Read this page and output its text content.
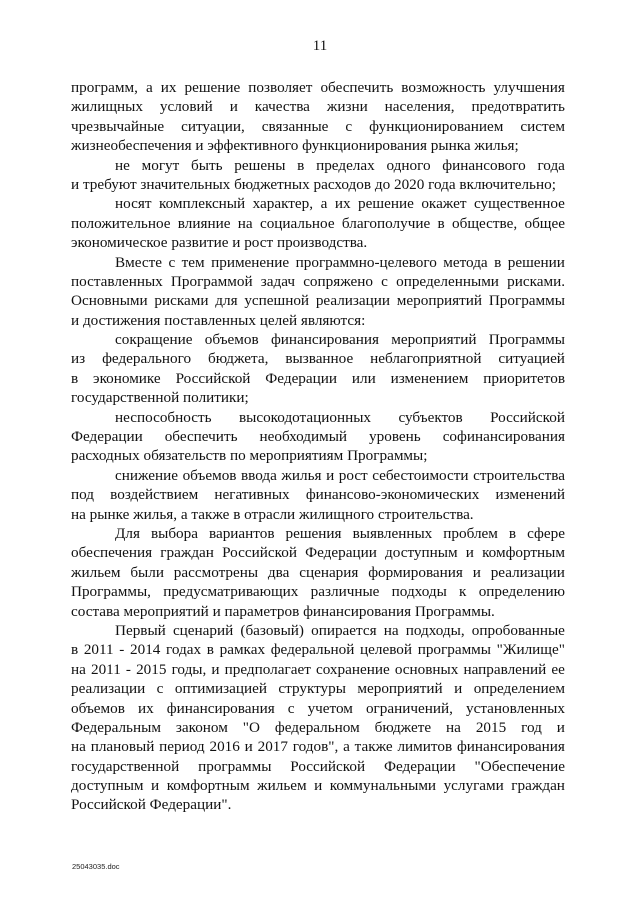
11
программ, а их решение позволяет обеспечить возможность улучшения
жилищных условий и качества жизни населения, предотвратить
чрезвычайные ситуации, связанные с функционированием систем
жизнеобеспечения и эффективного функционирования рынка жилья;
не могут быть решены в пределах одного финансового года
и требуют значительных бюджетных расходов до 2020 года включительно;
носят комплексный характер, а их решение окажет существенное
положительное влияние на социальное благополучие в обществе, общее
экономическое развитие и рост производства.
Вместе с тем применение программно-целевого метода в решении
поставленных Программой задач сопряжено с определенными рисками.
Основными рисками для успешной реализации мероприятий Программы
и достижения поставленных целей являются:
сокращение объемов финансирования мероприятий Программы
из федерального бюджета, вызванное неблагоприятной ситуацией
в экономике Российской Федерации или изменением приоритетов
государственной политики;
неспособность высокодотационных субъектов Российской
Федерации обеспечить необходимый уровень софинансирования
расходных обязательств по мероприятиям Программы;
снижение объемов ввода жилья и рост себестоимости строительства
под воздействием негативных финансово-экономических изменений
на рынке жилья, а также в отрасли жилищного строительства.
Для выбора вариантов решения выявленных проблем в сфере
обеспечения граждан Российской Федерации доступным и комфортным
жильем были рассмотрены два сценария формирования и реализации
Программы, предусматривающих различные подходы к определению
состава мероприятий и параметров финансирования Программы.
Первый сценарий (базовый) опирается на подходы, опробованные
в 2011 - 2014 годах в рамках федеральной целевой программы "Жилище"
на 2011 - 2015 годы, и предполагает сохранение основных направлений ее
реализации с оптимизацией структуры мероприятий и определением
объемов их финансирования с учетом ограничений, установленных
Федеральным законом "О федеральном бюджете на 2015 год и
на плановый период 2016 и 2017 годов", а также лимитов финансирования
государственной программы Российской Федерации "Обеспечение
доступным и комфортным жильем и коммунальными услугами граждан
Российской Федерации".
25043035.doc
